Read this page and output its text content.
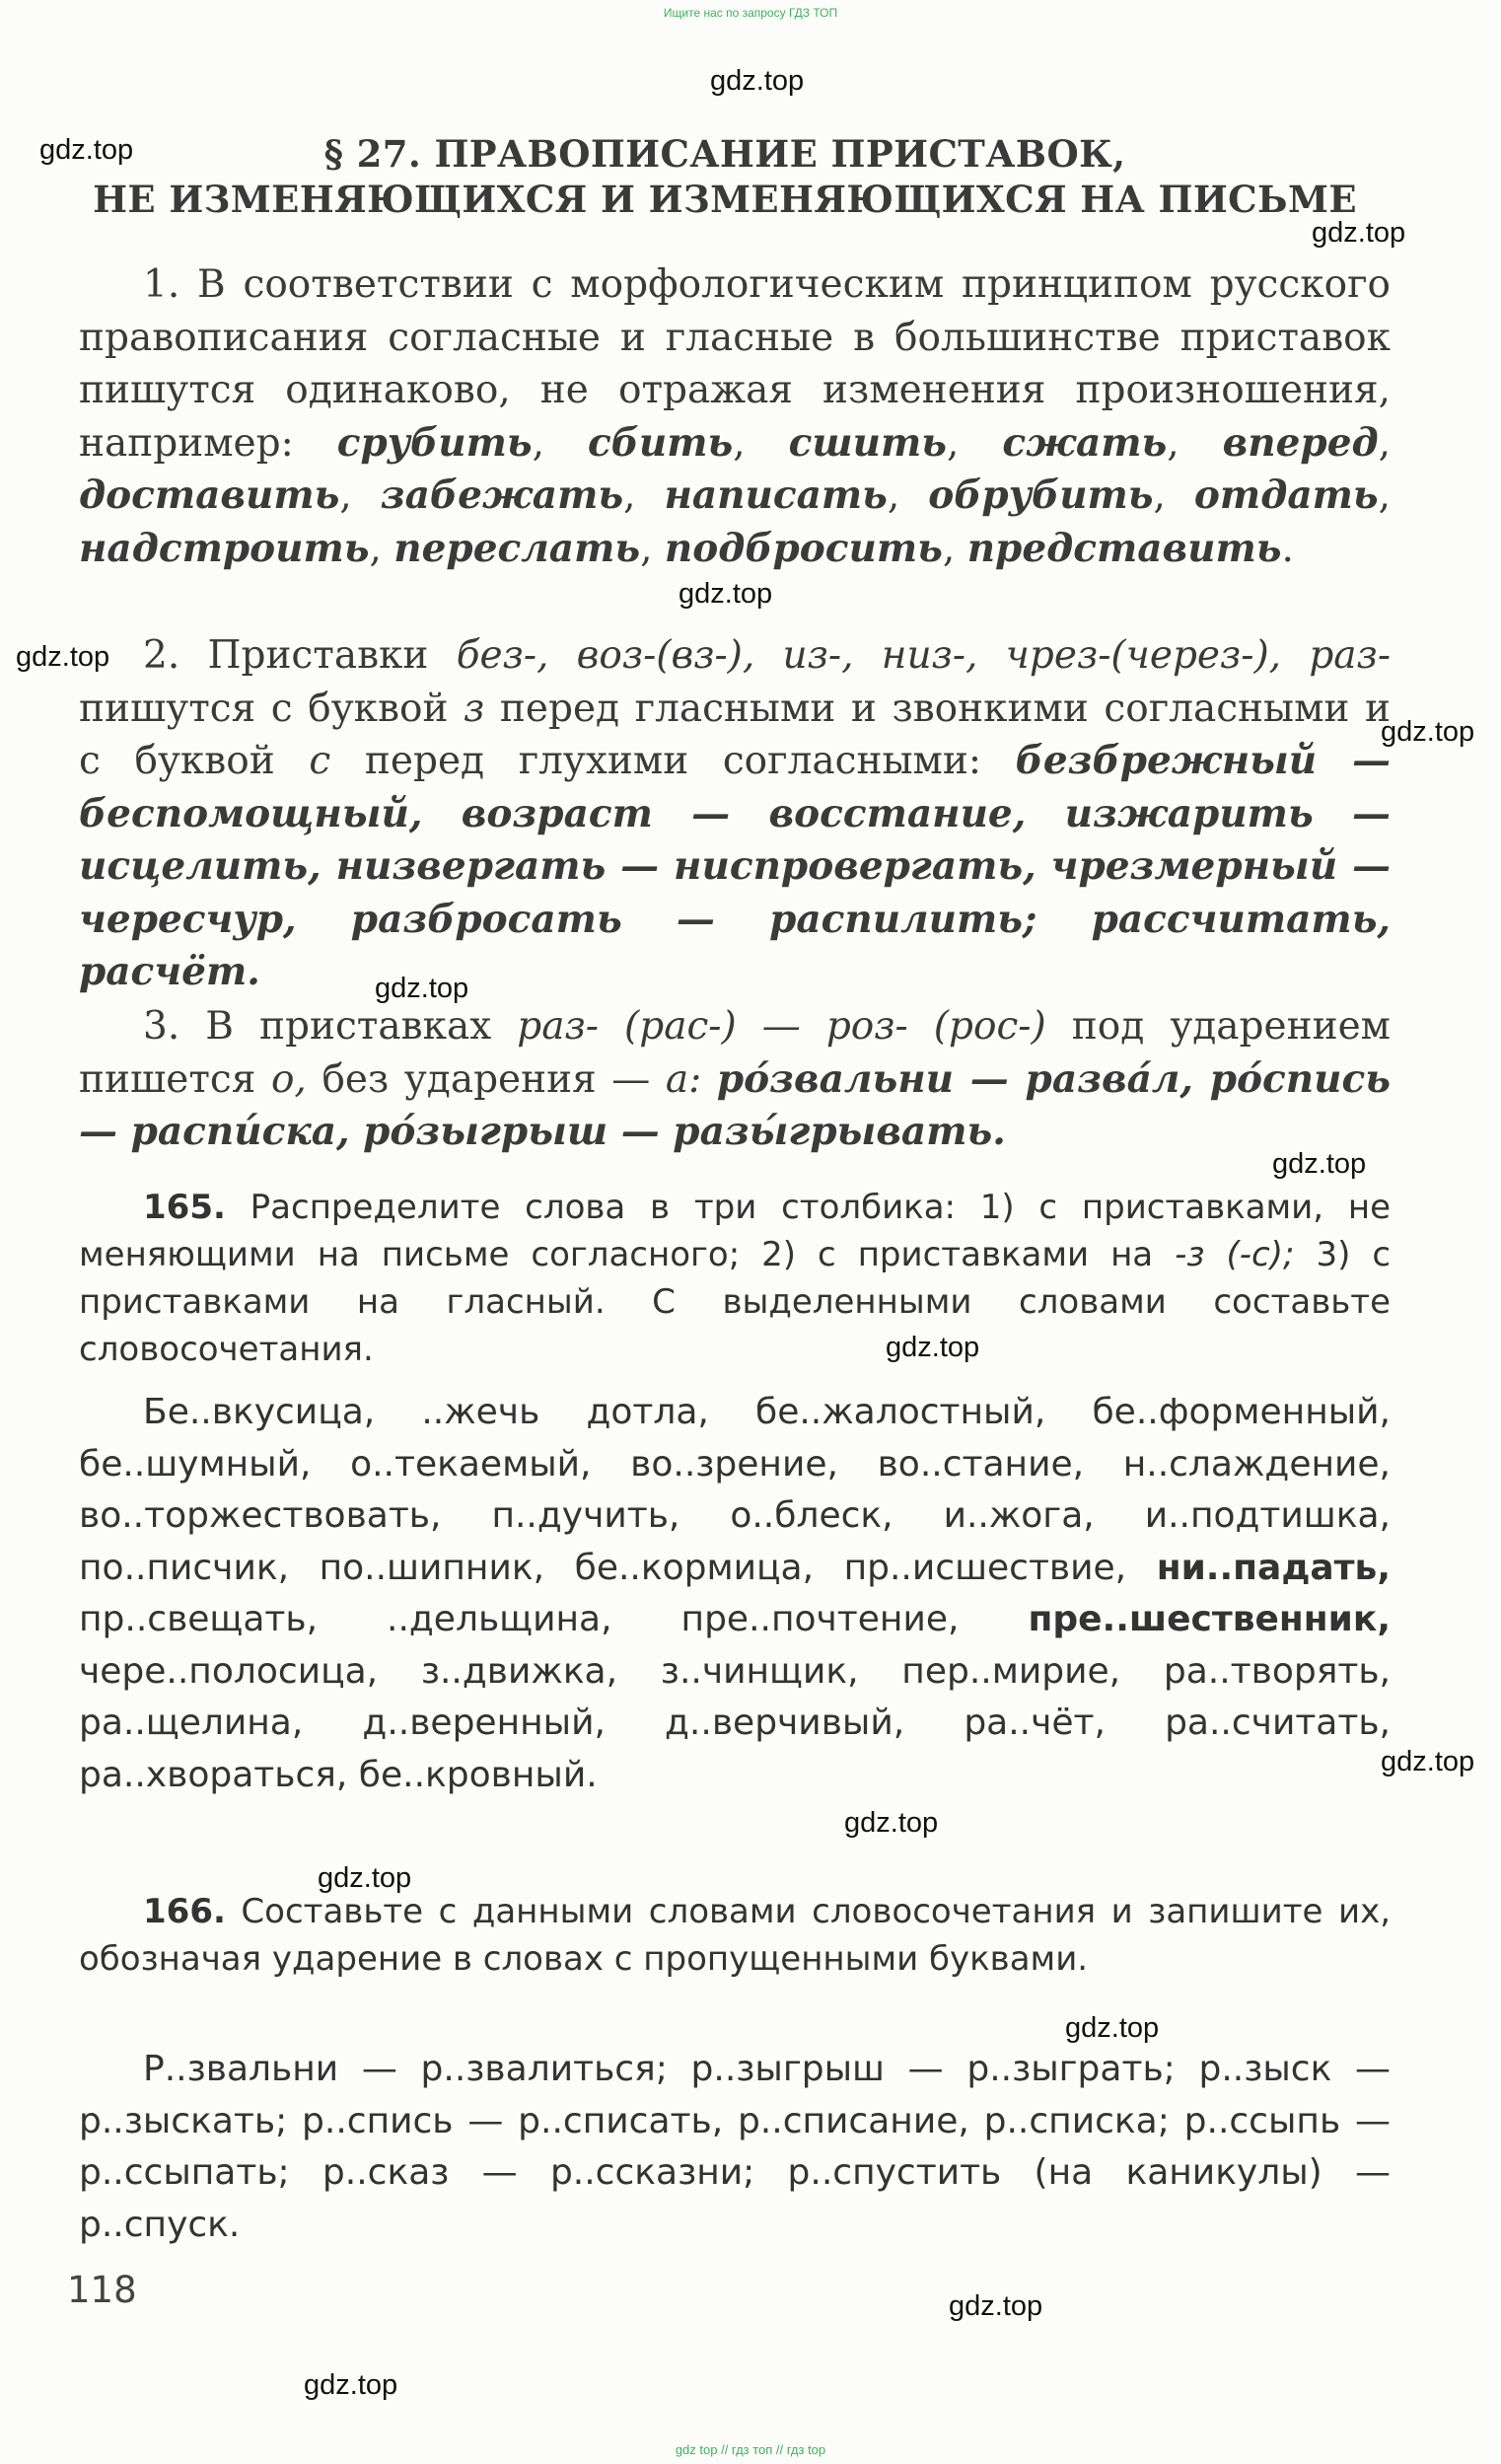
Ищите нас по запросу ГДЗ ТОП
gdz.top
gdz.top
gdz.top
gdz.top
gdz.top
gdz.top
gdz.top
gdz.top
gdz.top
gdz.top
gdz.top
gdz.top
gdz.top
gdz.top
gdz.top
§ 27. ПРАВОПИСАНИЕ ПРИСТАВОК,
НЕ ИЗМЕНЯЮЩИХСЯ И ИЗМЕНЯЮЩИХСЯ НА ПИСЬМЕ
1. В соответствии с морфологическим принципом русского правописания согласные и гласные в большинстве приставок пишутся одинаково, не отражая изменения произношения, например: срубить, сбить, сшить, сжать, вперед, доставить, забежать, написать, обрубить, отдать, надстроить, переслать, подбросить, представить.
2. Приставки без-, воз-(вз-), из-, низ-, чрез-(через-), раз- пишутся с буквой з перед гласными и звонкими согласными и с буквой с перед глухими согласными: безбрежный — беспомощный, возраст — восстание, изжарить — исцелить, низвергать — ниспровергать, чрезмерный — чересчур, разбросать — распилить; рассчитать, расчёт.
3. В приставках раз- (рас-) — роз- (рос-) под ударением пишется о, без ударения — а: ро́звальни — разва́л, ро́спись — распи́ска, ро́зыгрыш — разы́грывать.
165. Распределите слова в три столбика: 1) с приставками, не меняющими на письме согласного; 2) с приставками на -з (-с); 3) с приставками на гласный. С выделенными словами составьте словосочетания.
Бе..вкусица, ..жечь дотла, бе..жалостный, бе..форменный, бе..шумный, о..текаемый, во..зрение, во..стание, н..слаждение, во..торжествовать, п..дучить, о..блеск, и..жога, и..подтишка, по..писчик, по..шипник, бе..кормица, пр..исшествие, ни..падать, пр..свещать, ..дельщина, пре..почтение, пре..шественник, чере..полосица, з..движка, з..чинщик, пер..мирие, ра..творять, ра..щелина, д..веренный, д..верчивый, ра..чёт, ра..считать, ра..хвораться, бе..кровный.
166. Составьте с данными словами словосочетания и запишите их, обозначая ударение в словах с пропущенными буквами.
Р..звальни — р..звалиться; р..зыгрыш — р..зыграть; р..зыск — р..зыскать; р..спись — р..списать, р..списание, р..списка; р..ссыпь — р..ссыпать; р..сказ — р..ссказни; р..спустить (на каникулы) — р..спуск.
118
gdz top // гдз топ // гдз top
